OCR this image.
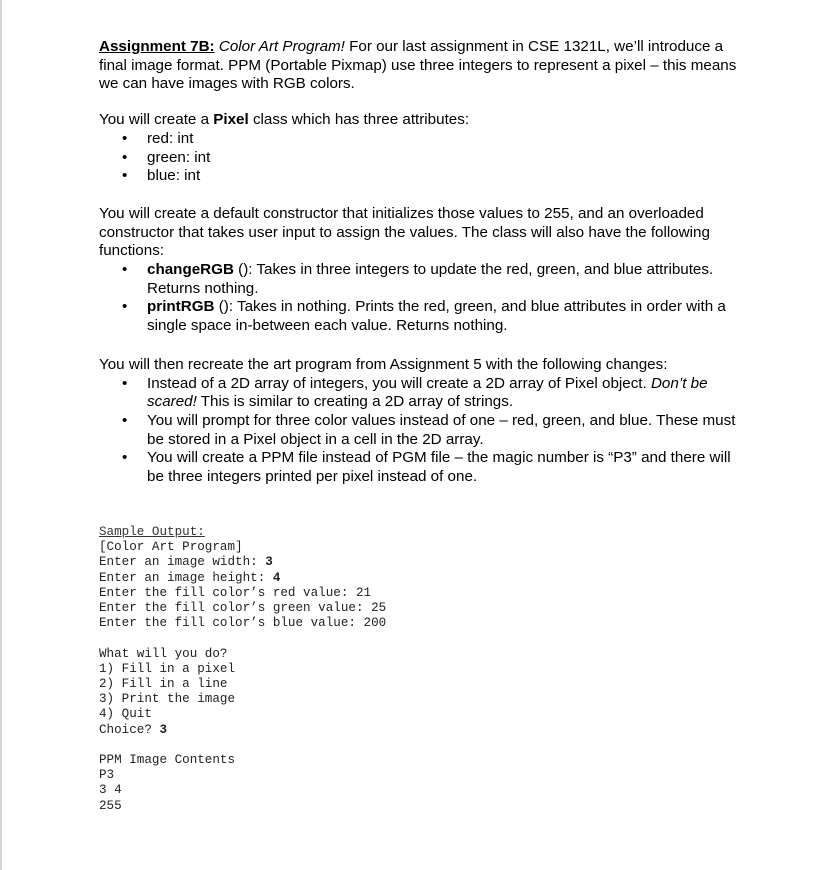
Assignment 7B: Color Art Program! For our last assignment in CSE 1321L, we’ll introduce a final image format. PPM (Portable Pixmap) use three integers to represent a pixel – this means we can have images with RGB colors.

You will create a Pixel class which has three attributes:

• red: int
• green: int
• blue: int

You will create a default constructor that initializes those values to 255, and an overloaded constructor that takes user input to assign the values. The class will also have the following functions:

• changeRGB (): Takes in three integers to update the red, green, and blue attributes. Returns nothing.
• printRGB (): Takes in nothing. Prints the red, green, and blue attributes in order with a single space in-between each value. Returns nothing.

You will then recreate the art program from Assignment 5 with the following changes:

• Instead of a 2D array of integers, you will create a 2D array of Pixel object. Don’t be scared! This is similar to creating a 2D array of strings.
• You will prompt for three color values instead of one – red, green, and blue. These must be stored in a Pixel object in a cell in the 2D array.
• You will create a PPM file instead of PGM file – the magic number is “P3” and there will be three integers printed per pixel instead of one.
Sample Output:
[Color Art Program]
Enter an image width: 3
Enter an image height: 4
Enter the fill color’s red value: 21
Enter the fill color’s green value: 25
Enter the fill color’s blue value: 200
What will you do?
1) Fill in a pixel
2) Fill in a line
3) Print the image
4) Quit
Choice? 3
PPM Image Contents
P3
3 4
255
